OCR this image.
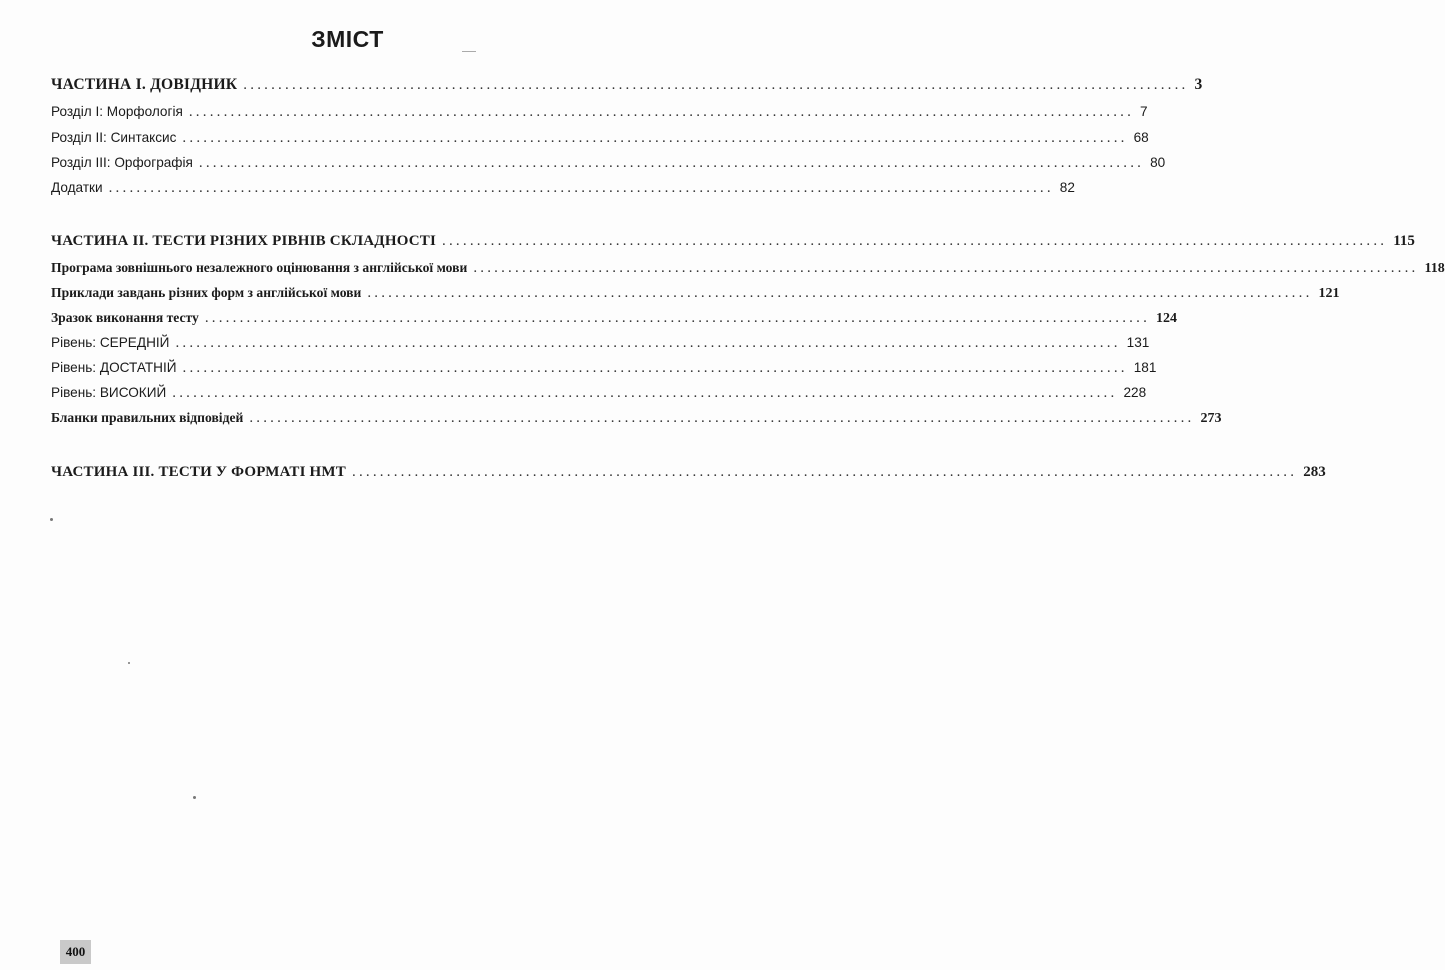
ЗМІСТ
ЧАСТИНА І. ДОВІДНИК ........................................................................................................................................ 3
Розділ І: Морфологія ........................................................................................................................................ 7
Розділ ІІ: Синтаксис ........................................................................................................................................ 68
Розділ ІІІ: Орфографія ........................................................................................................................................ 80
Додатки ........................................................................................................................................ 82
ЧАСТИНА ІІ. ТЕСТИ РІЗНИХ РІВНІВ СКЛАДНОСТІ ........................................................................................................................................ 115
Програма зовнішнього незалежного оцінювання з англійської мови ........................................................................................................................................ 118
Приклади завдань різних форм з англійської мови ........................................................................................................................................ 121
Зразок виконання тесту ........................................................................................................................................ 124
Рівень: СЕРЕДНІЙ ........................................................................................................................................ 131
Рівень: ДОСТАТНІЙ ........................................................................................................................................ 181
Рівень: ВИСОКИЙ ........................................................................................................................................ 228
Бланки правильних відповідей ........................................................................................................................................ 273
ЧАСТИНА ІІІ. ТЕСТИ У ФОРМАТІ НМТ ........................................................................................................................................ 283
400
